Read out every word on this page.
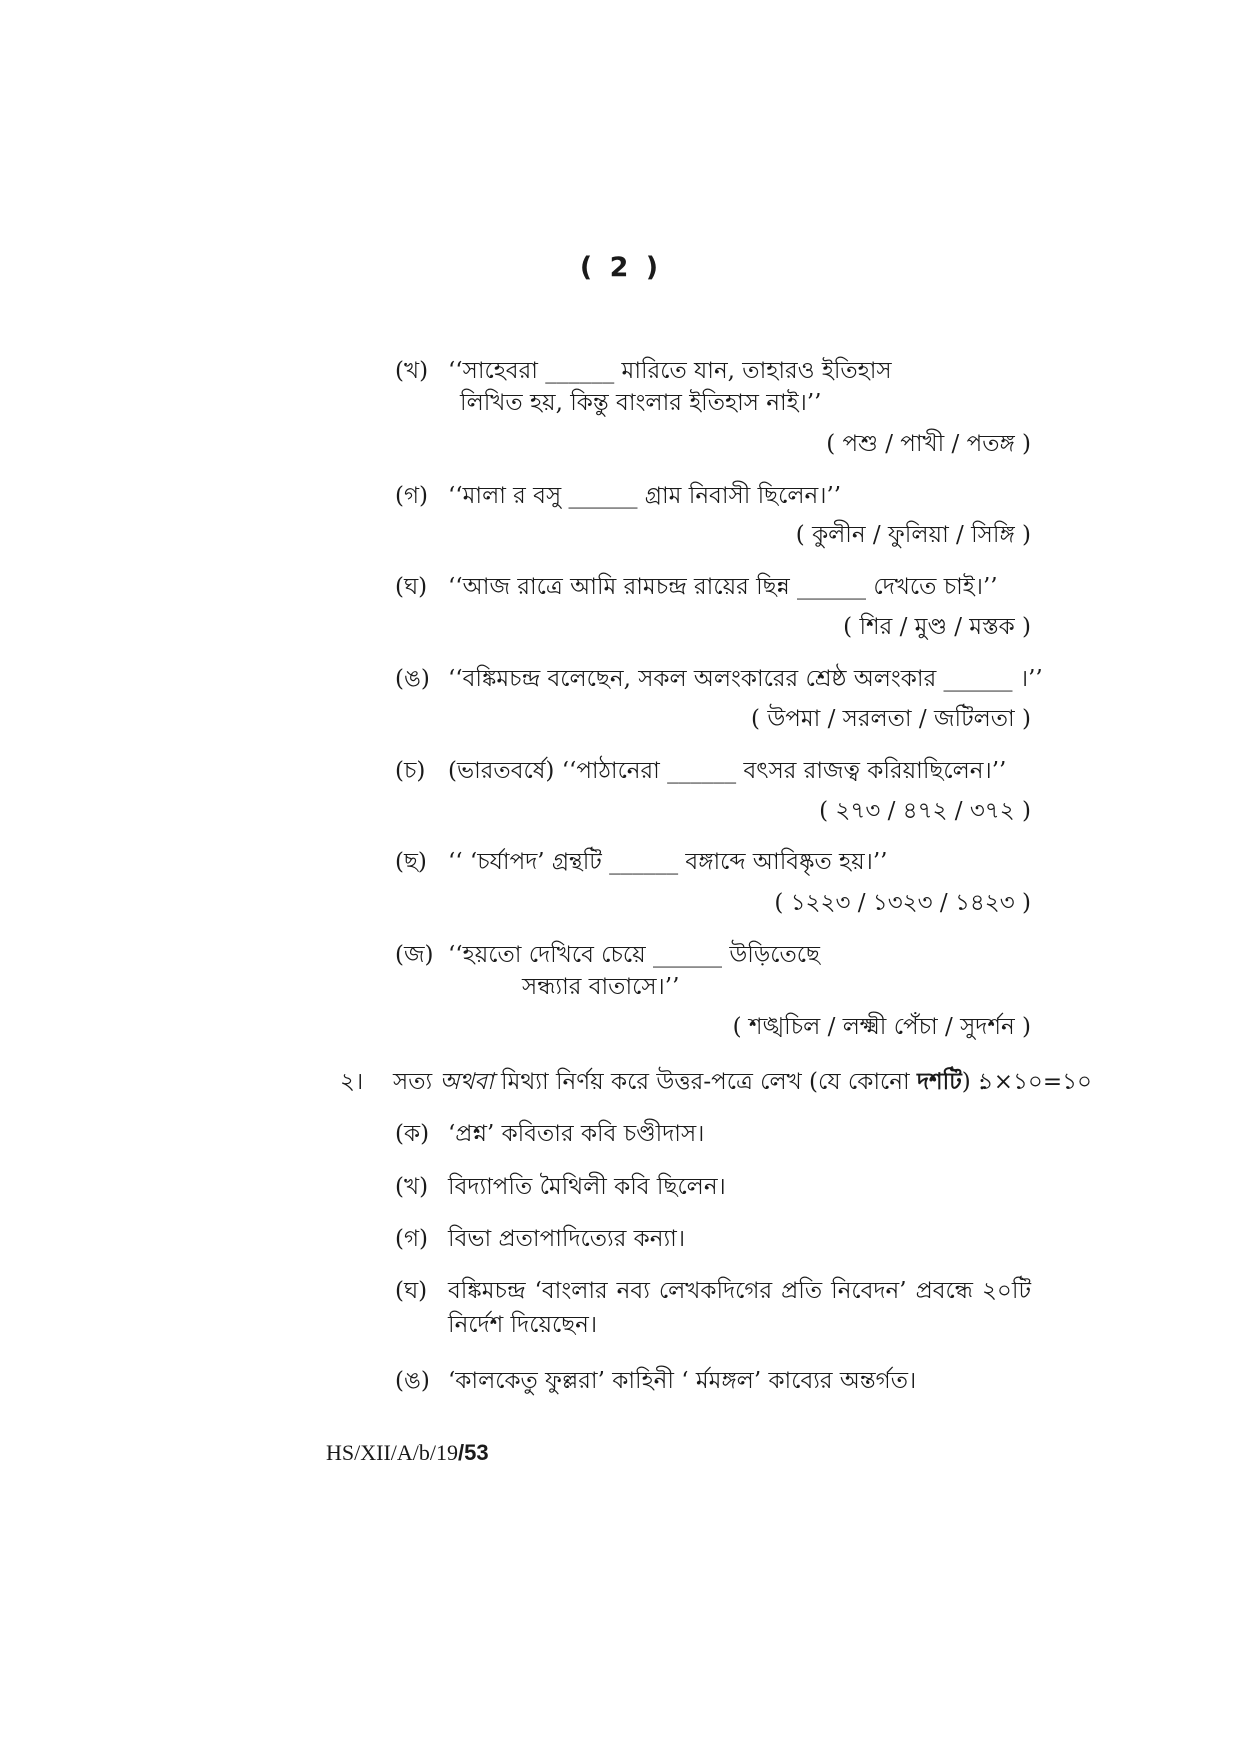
( 2 )
(খ) ‘‘সাহেবরা ______ মারিতে যান, তাহারও ইতিহাস
লিখিত হয়, কিন্তু বাংলার ইতিহাস নাই।’’
( পশু / পাখী / পতঙ্গ )
(গ) ‘‘মালা র বসু ______ গ্রাম নিবাসী ছিলেন।’’
( কুলীন / ফুলিয়া / সিঙ্গি )
(ঘ) ‘‘আজ রাত্রে আমি রামচন্দ্র রায়ের ছিন্ন ______ দেখতে চাই।’’
( শির / মুণ্ড / মস্তক )
(ঙ) ‘‘বঙ্কিমচন্দ্র বলেছেন, সকল অলংকারের শ্রেষ্ঠ অলংকার ______ ।’’
( উপমা / সরলতা / জটিলতা )
(চ) (ভারতবর্ষে) ‘‘পাঠানেরা ______ বৎসর রাজত্ব করিয়াছিলেন।’’
( ২৭৩ / ৪৭২ / ৩৭২ )
(ছ) ‘‘ ‘চর্যাপদ’ গ্রন্থটি ______ বঙ্গাব্দে আবিষ্কৃত হয়।’’
( ১২২৩ / ১৩২৩ / ১৪২৩ )
(জ) ‘‘হয়তো দেখিবে চেয়ে ______ উড়িতেছে
সন্ধ্যার বাতাসে।’’
( শঙ্খচিল / লক্ষ্মী পেঁচা / সুদর্শন )
২। সত্য অথবা মিথ্যা নির্ণয় করে উত্তর-পত্রে লেখ (যে কোনো দশটি) :
১×১০=১০
(ক) ‘প্রশ্ন’ কবিতার কবি চণ্ডীদাস।
(খ) বিদ্যাপতি মৈথিলী কবি ছিলেন।
(গ) বিভা প্রতাপাদিত্যের কন্যা।
(ঘ) বঙ্কিমচন্দ্র ‘বাংলার নব্য লেখকদিগের প্রতি নিবেদন’ প্রবন্ধে ২০টি
নির্দেশ দিয়েছেন।
(ঙ) ‘কালকেতু ফুল্লরা’ কাহিনী ‘ র্মমঙ্গল’ কাব্যের অন্তর্গত।
HS/XII/A/b/19/53
